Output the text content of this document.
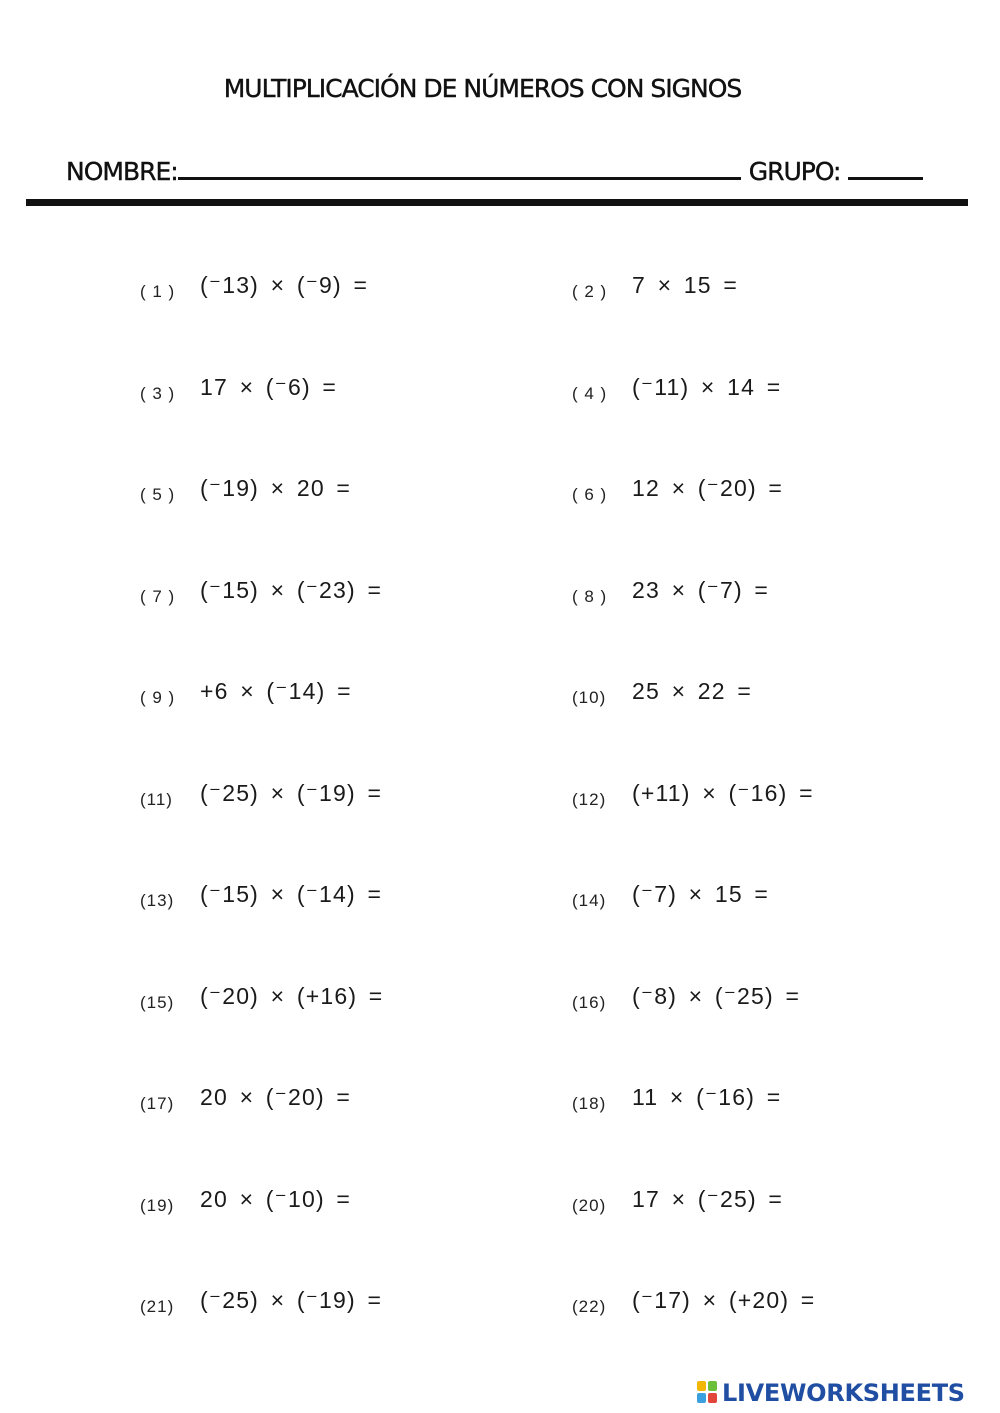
MULTIPLICACIÓN DE NÚMEROS CON SIGNOS
NOMBRE:	GRUPO:
( 1 )	(⁻13) × (⁻9) =	( 2 )	7 × 15 =
( 3 )	17 × (⁻6) =	( 4 )	(⁻11) × 14 =
( 5 )	(⁻19) × 20 =	( 6 )	12 × (⁻20) =
( 7 )	(⁻15) × (⁻23) =	( 8 )	23 × (⁻7) =
( 9 )	+6 × (⁻14) =	(10)	25 × 22 =
(11)	(⁻25) × (⁻19) =	(12)	(+11) × (⁻16) =
(13)	(⁻15) × (⁻14) =	(14)	(⁻7) × 15 =
(15)	(⁻20) × (+16) =	(16)	(⁻8) × (⁻25) =
(17)	20 × (⁻20) =	(18)	11 × (⁻16) =
(19)	20 × (⁻10) =	(20)	17 × (⁻25) =
(21)	(⁻25) × (⁻19) =	(22)	(⁻17) × (+20) =
LIVEWORKSHEETS
